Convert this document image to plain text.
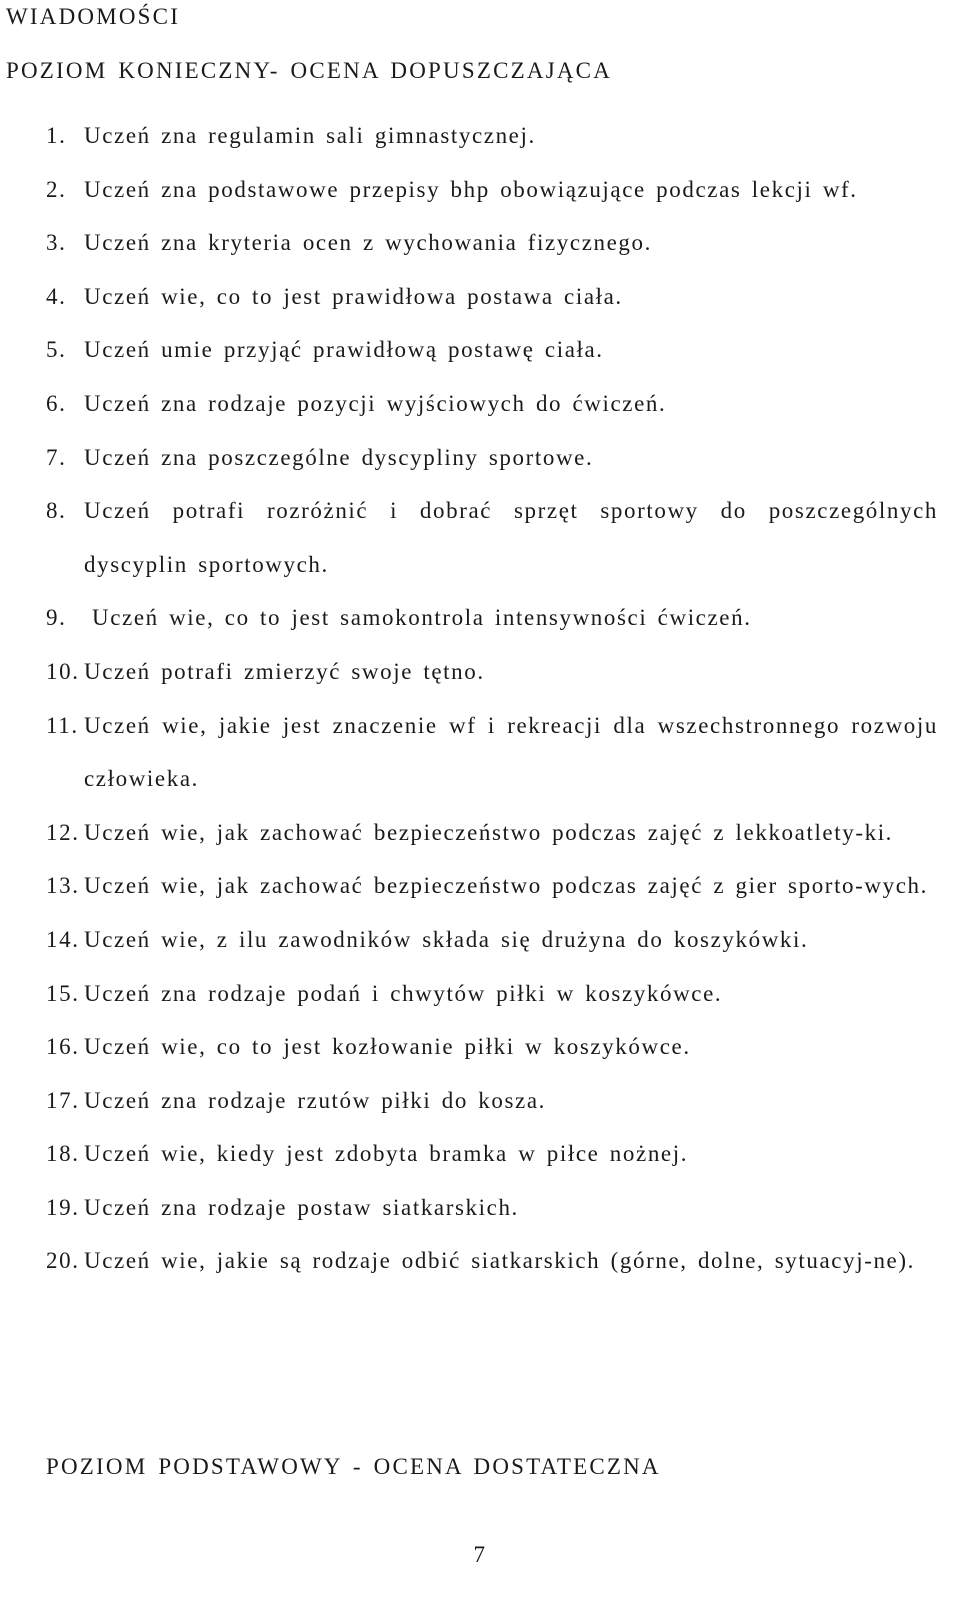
WIADOMOŚCI
POZIOM KONIECZNY- OCENA DOPUSZCZAJĄCA
1. Uczeń zna regulamin sali gimnastycznej.
2. Uczeń zna podstawowe przepisy bhp obowiązujące podczas lekcji wf.
3. Uczeń zna kryteria ocen z wychowania fizycznego.
4. Uczeń wie, co to jest prawidłowa postawa ciała.
5. Uczeń umie przyjąć prawidłową postawę ciała.
6. Uczeń zna rodzaje pozycji wyjściowych do ćwiczeń.
7. Uczeń zna poszczególne dyscypliny sportowe.
8. Uczeń potrafi rozróżnić i dobrać sprzęt sportowy do poszczególnych dyscyplin sportowych.
9.	Uczeń wie, co to jest samokontrola intensywności ćwiczeń.
10. Uczeń potrafi zmierzyć swoje tętno.
11. Uczeń wie, jakie jest znaczenie wf i rekreacji dla wszechstronnego rozwoju człowieka.
12. Uczeń wie, jak zachować bezpieczeństwo podczas zajęć z lekkoatlety-ki.
13. Uczeń wie, jak zachować bezpieczeństwo podczas zajęć z gier sporto-wych.
14. Uczeń wie, z ilu zawodników składa się drużyna do koszykówki.
15. Uczeń zna rodzaje podań i chwytów piłki w koszykówce.
16. Uczeń wie, co to jest kozłowanie piłki w koszykówce.
17. Uczeń zna rodzaje rzutów piłki do kosza.
18. Uczeń wie, kiedy jest zdobyta bramka w piłce nożnej.
19. Uczeń zna rodzaje postaw siatkarskich.
20. Uczeń wie, jakie są rodzaje odbić siatkarskich (górne, dolne, sytuacyj-ne).
POZIOM PODSTAWOWY - OCENA DOSTATECZNA
7
